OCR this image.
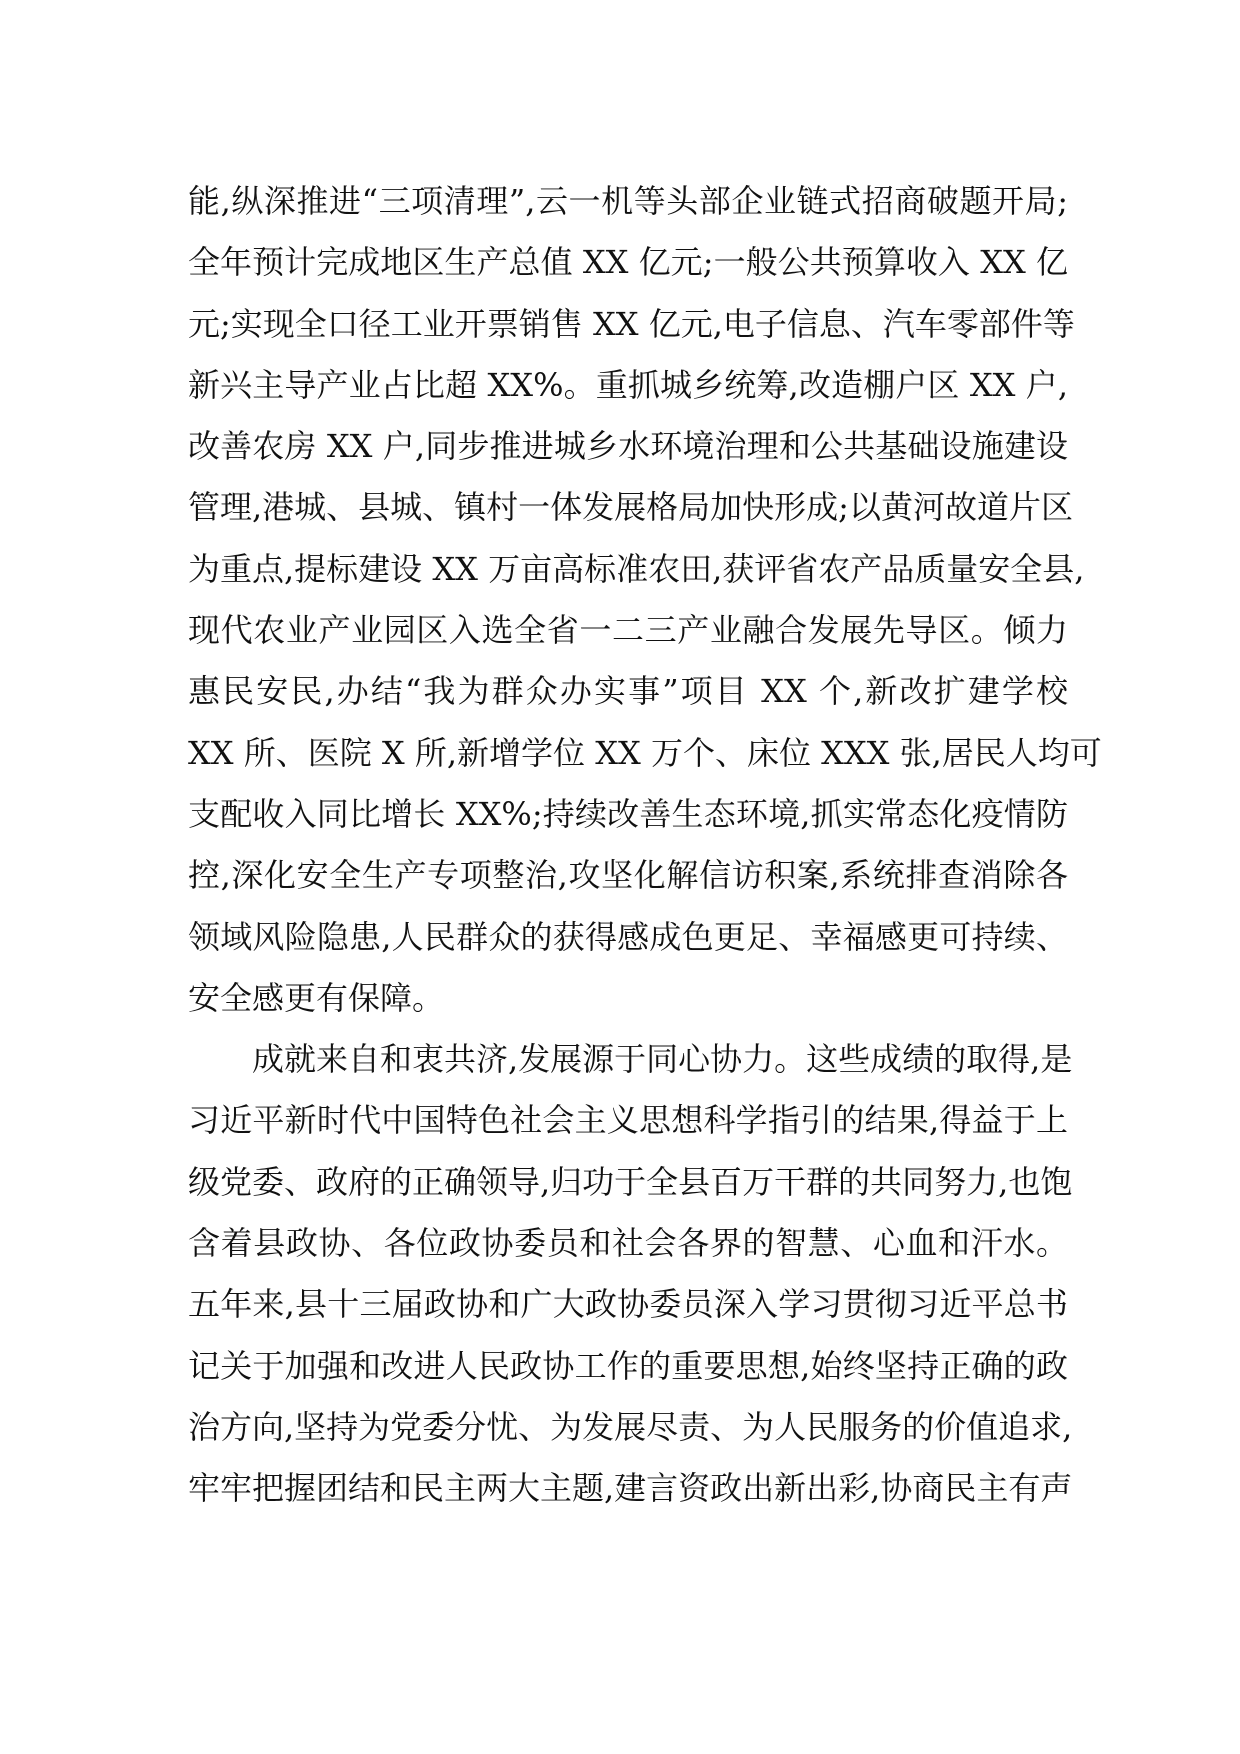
能,纵深推进“三项清理”,云一机等头部企业链式招商破题开局;
全年预计完成地区生产总值 XX 亿元;一般公共预算收入 XX 亿
元;实现全口径工业开票销售 XX 亿元,电子信息、汽车零部件等
新兴主导产业占比超 XX%。重抓城乡统筹,改造棚户区 XX 户,
改善农房 XX 户,同步推进城乡水环境治理和公共基础设施建设
管理,港城、县城、镇村一体发展格局加快形成;以黄河故道片区
为重点,提标建设 XX 万亩高标准农田,获评省农产品质量安全县,
现代农业产业园区入选全省一二三产业融合发展先导区。倾力
惠民安民,办结“我为群众办实事”项目 XX 个,新改扩建学校
XX 所、医院 X 所,新增学位 XX 万个、床位 XXX 张,居民人均可
支配收入同比增长 XX%;持续改善生态环境,抓实常态化疫情防
控,深化安全生产专项整治,攻坚化解信访积案,系统排查消除各
领域风险隐患,人民群众的获得感成色更足、幸福感更可持续、
安全感更有保障。
成就来自和衷共济,发展源于同心协力。这些成绩的取得,是
习近平新时代中国特色社会主义思想科学指引的结果,得益于上
级党委、政府的正确领导,归功于全县百万干群的共同努力,也饱
含着县政协、各位政协委员和社会各界的智慧、心血和汗水。
五年来,县十三届政协和广大政协委员深入学习贯彻习近平总书
记关于加强和改进人民政协工作的重要思想,始终坚持正确的政
治方向,坚持为党委分忧、为发展尽责、为人民服务的价值追求,
牢牢把握团结和民主两大主题,建言资政出新出彩,协商民主有声
